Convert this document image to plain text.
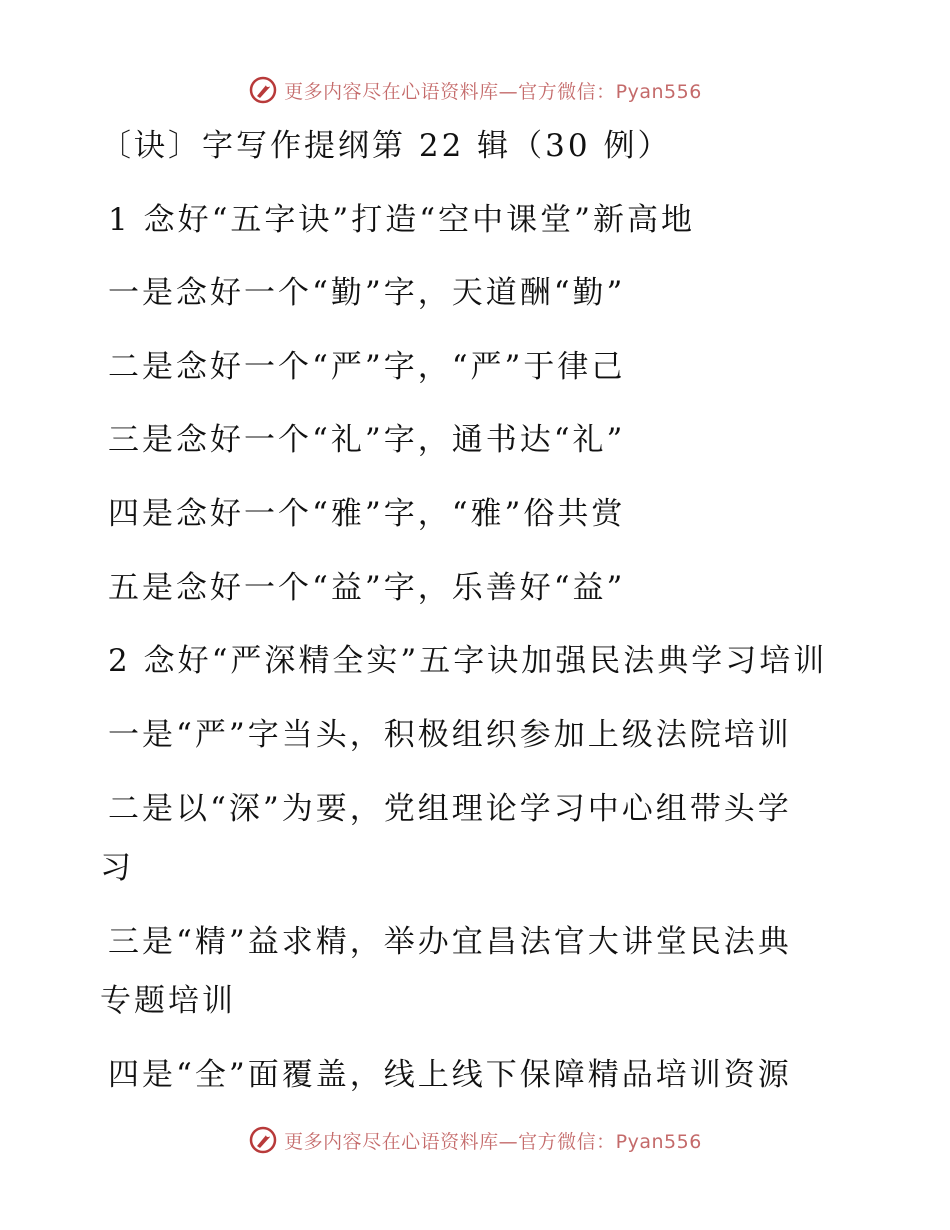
更多内容尽在心语资料库—官方微信：Pyan556
〔诀〕字写作提纲第 22 辑（30 例）
1 念好“五字诀”打造“空中课堂”新高地
一是念好一个“勤”字，天道酬“勤”
二是念好一个“严”字，“严”于律己
三是念好一个“礼”字，通书达“礼”
四是念好一个“雅”字，“雅”俗共赏
五是念好一个“益”字，乐善好“益”
2 念好“严深精全实”五字诀加强民法典学习培训
一是“严”字当头，积极组织参加上级法院培训
二是以“深”为要，党组理论学习中心组带头学
习
三是“精”益求精，举办宜昌法官大讲堂民法典
专题培训
四是“全”面覆盖，线上线下保障精品培训资源
更多内容尽在心语资料库—官方微信：Pyan556
